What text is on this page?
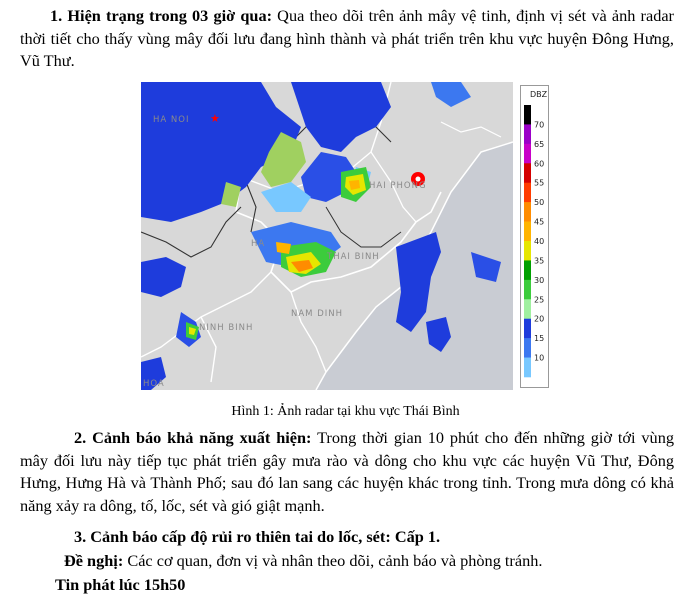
1. Hiện trạng trong 03 giờ qua: Qua theo dõi trên ảnh mây vệ tinh, định vị sét và ảnh radar thời tiết cho thấy vùng mây đối lưu đang hình thành và phát triển trên khu vực huyện Đông Hưng, Vũ Thư.
★
HA NOI
HAI PHONG
THAI BINH
NAM DINH
NINH BINH
HA
HOA
DBZ
70
65
60
55
50
45
40
35
30
25
20
15
10
Hình 1: Ảnh radar tại khu vực Thái Bình
2. Cảnh báo khả năng xuất hiện: Trong thời gian 10 phút cho đến những giờ tới vùng mây đối lưu này tiếp tục phát triển gây mưa rào và dông cho khu vực các huyện Vũ Thư, Đông Hưng, Hưng Hà và Thành Phố; sau đó lan sang các huyện khác trong tỉnh. Trong mưa dông có khả năng xảy ra dông, tố, lốc, sét và gió giật mạnh.
3. Cảnh báo cấp độ rủi ro thiên tai do lốc, sét: Cấp 1.
Đề nghị: Các cơ quan, đơn vị và nhân theo dõi, cảnh báo và phòng tránh.
Tin phát lúc 15h50
